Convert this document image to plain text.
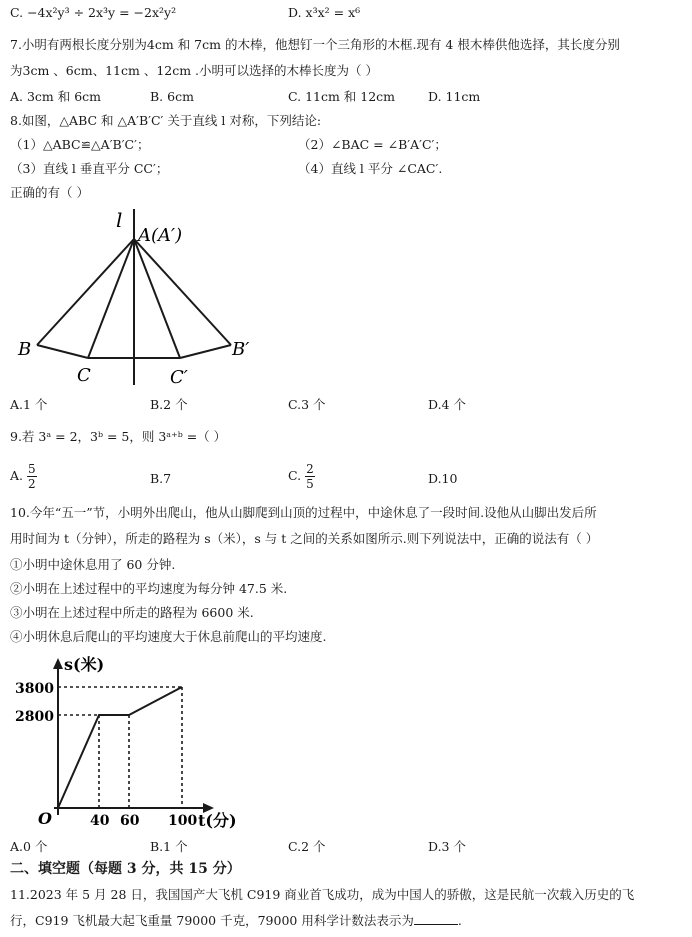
C. −4x²y³ ÷ 2x³y = −2x²y²	D. x³x² = x⁶
7.小明有两根长度分别为4cm 和 7cm 的木棒，他想钉一个三角形的木框.现有 4 根木棒供他选择，其长度分别
为3cm 、6cm、11cm 、12cm .小明可以选择的木棒长度为（ ）
A. 3cm 和 6cm	B. 6cm	C. 11cm 和 12cm	D. 11cm
8.如图，△ABC 和 △A′B′C′ 关于直线 l 对称，下列结论:
（1）△ABC≌△A′B′C′；	（2）∠BAC = ∠B′A′C′；
（3）直线 l 垂直平分 CC′；	（4）直线 l 平分 ∠CAC′.
正确的有（ ）
l
A(A′)
B	B′
C	C′
A.1 个	B.2 个	C.3 个	D.4 个
9.若 3ᵃ = 2，3ᵇ = 5，则 3ᵃ⁺ᵇ =（ ）
A. $\frac{5}{2}$	B.7	C. $\frac{2}{5}$	D.10
10.今年“五一”节，小明外出爬山，他从山脚爬到山顶的过程中，中途休息了一段时间.设他从山脚出发后所
用时间为 t（分钟），所走的路程为 s（米），s 与 t 之间的关系如图所示.则下列说法中，正确的说法有（ ）
①小明中途休息用了 60 分钟.
②小明在上述过程中的平均速度为每分钟 47.5 米.
③小明在上述过程中所走的路程为 6600 米.
④小明休息后爬山的平均速度大于休息前爬山的平均速度.
s(米)
3800
2800
O	40 60 100 t(分)
A.0 个	B.1 个	C.2 个	D.3 个
二、填空题（每题 3 分，共 15 分）
11.2023 年 5 月 28 日，我国国产大飞机 C919 商业首飞成功，成为中国人的骄傲，这是民航一次载入历史的飞
行，C919 飞机最大起飞重量 79000 千克，79000 用科学计数法表示为	.
